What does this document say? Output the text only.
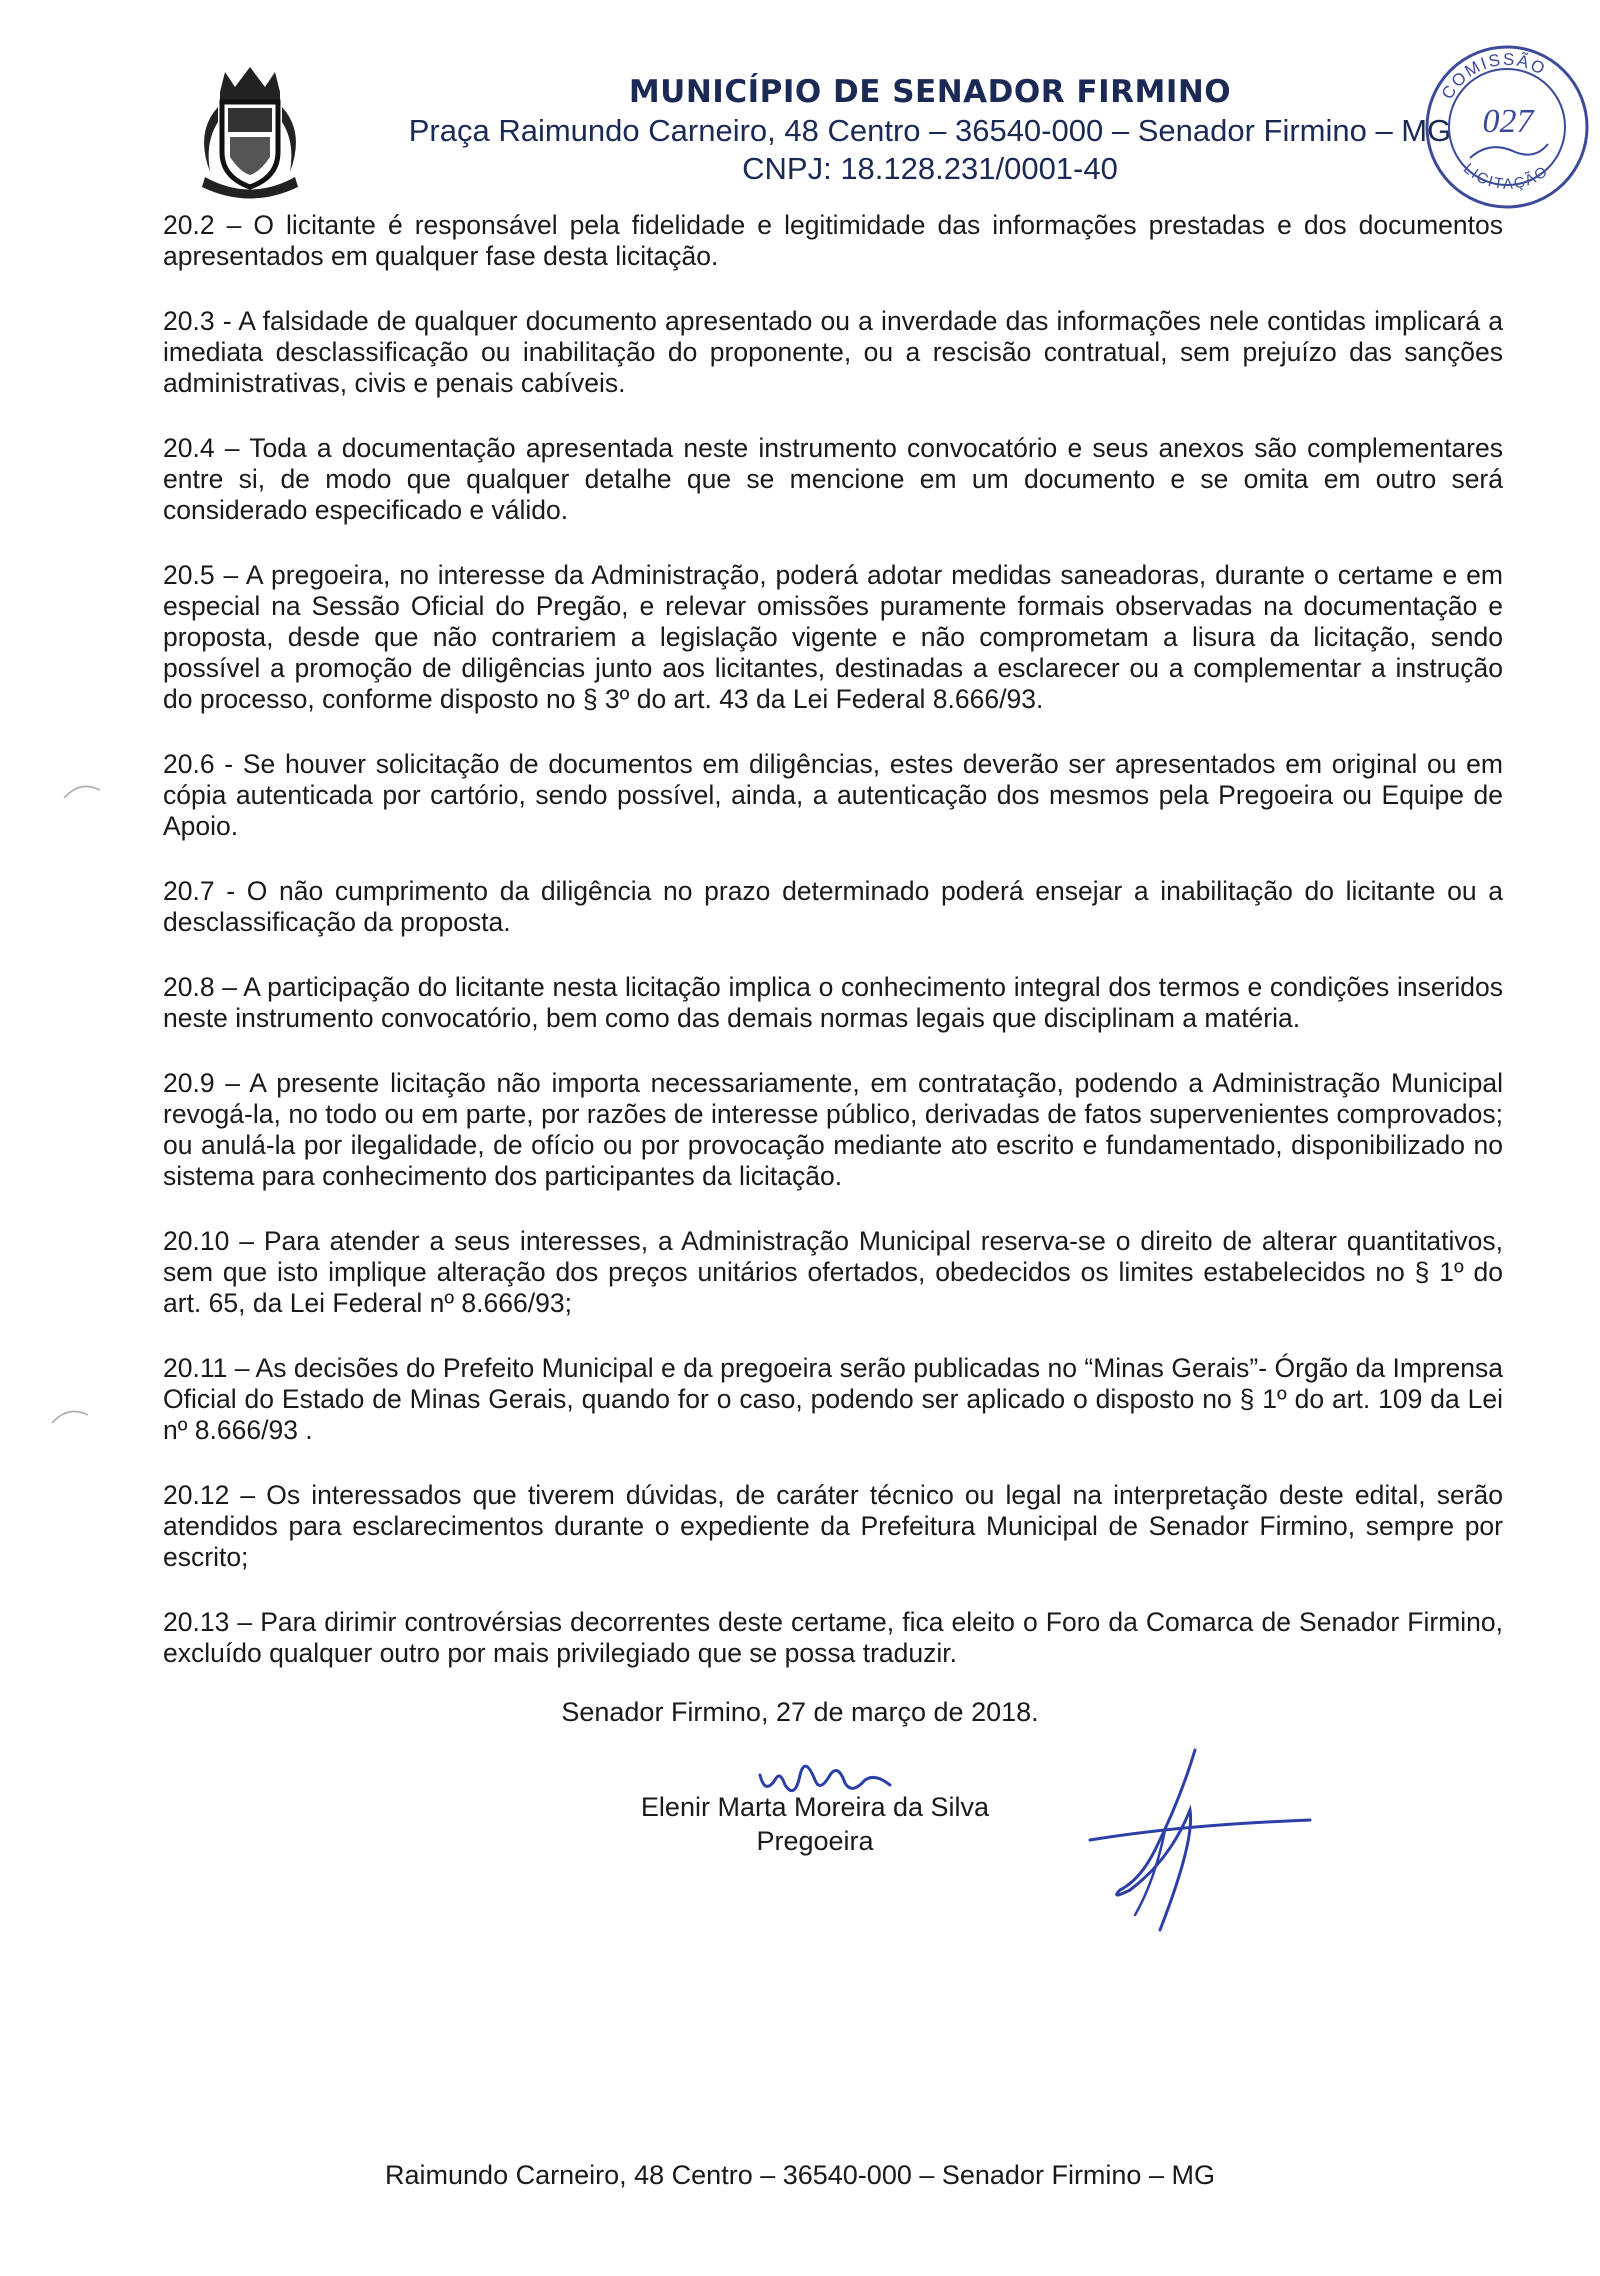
MUNICÍPIO DE SENADOR FIRMINO
Praça Raimundo Carneiro, 48 Centro – 36540-000 – Senador Firmino – MG
CNPJ: 18.128.231/0001-40
COMISSÃO
LICITAÇÃO
027

20.2 – O licitante é responsável pela fidelidade e legitimidade das informações prestadas e dos documentos apresentados em qualquer fase desta licitação.

20.3 - A falsidade de qualquer documento apresentado ou a inverdade das informações nele contidas implicará a imediata desclassificação ou inabilitação do proponente, ou a rescisão contratual, sem prejuízo das sanções administrativas, civis e penais cabíveis.

20.4 – Toda a documentação apresentada neste instrumento convocatório e seus anexos são complementares entre si, de modo que qualquer detalhe que se mencione em um documento e se omita em outro será considerado especificado e válido.

20.5 – A pregoeira, no interesse da Administração, poderá adotar medidas saneadoras, durante o certame e em especial na Sessão Oficial do Pregão, e relevar omissões puramente formais observadas na documentação e proposta, desde que não contrariem a legislação vigente e não comprometam a lisura da licitação, sendo possível a promoção de diligências junto aos licitantes, destinadas a esclarecer ou a complementar a instrução do processo, conforme disposto no § 3º do art. 43 da Lei Federal 8.666/93.

20.6 - Se houver solicitação de documentos em diligências, estes deverão ser apresentados em original ou em cópia autenticada por cartório, sendo possível, ainda, a autenticação dos mesmos pela Pregoeira ou Equipe de Apoio.

20.7 - O não cumprimento da diligência no prazo determinado poderá ensejar a inabilitação do licitante ou a desclassificação da proposta.

20.8 – A participação do licitante nesta licitação implica o conhecimento integral dos termos e condições inseridos neste instrumento convocatório, bem como das demais normas legais que disciplinam a matéria.

20.9 – A presente licitação não importa necessariamente, em contratação, podendo a Administração Municipal revogá-la, no todo ou em parte, por razões de interesse público, derivadas de fatos supervenientes comprovados; ou anulá-la por ilegalidade, de ofício ou por provocação mediante ato escrito e fundamentado, disponibilizado no sistema para conhecimento dos participantes da licitação.

20.10 – Para atender a seus interesses, a Administração Municipal reserva-se o direito de alterar quantitativos, sem que isto implique alteração dos preços unitários ofertados, obedecidos os limites estabelecidos no § 1º do art. 65, da Lei Federal nº 8.666/93;

20.11 – As decisões do Prefeito Municipal e da pregoeira serão publicadas no “Minas Gerais”- Órgão da Imprensa Oficial do Estado de Minas Gerais, quando for o caso, podendo ser aplicado o disposto no § 1º do art. 109 da Lei nº 8.666/93 .

20.12 – Os interessados que tiverem dúvidas, de caráter técnico ou legal na interpretação deste edital, serão atendidos para esclarecimentos durante o expediente da Prefeitura Municipal de Senador Firmino, sempre por escrito;

20.13 – Para dirimir controvérsias decorrentes deste certame, fica eleito o Foro da Comarca de Senador Firmino, excluído qualquer outro por mais privilegiado que se possa traduzir.

Senador Firmino, 27 de março de 2018.
Elenir Marta Moreira da Silva
Pregoeira
Raimundo Carneiro, 48 Centro – 36540-000 – Senador Firmino – MG
